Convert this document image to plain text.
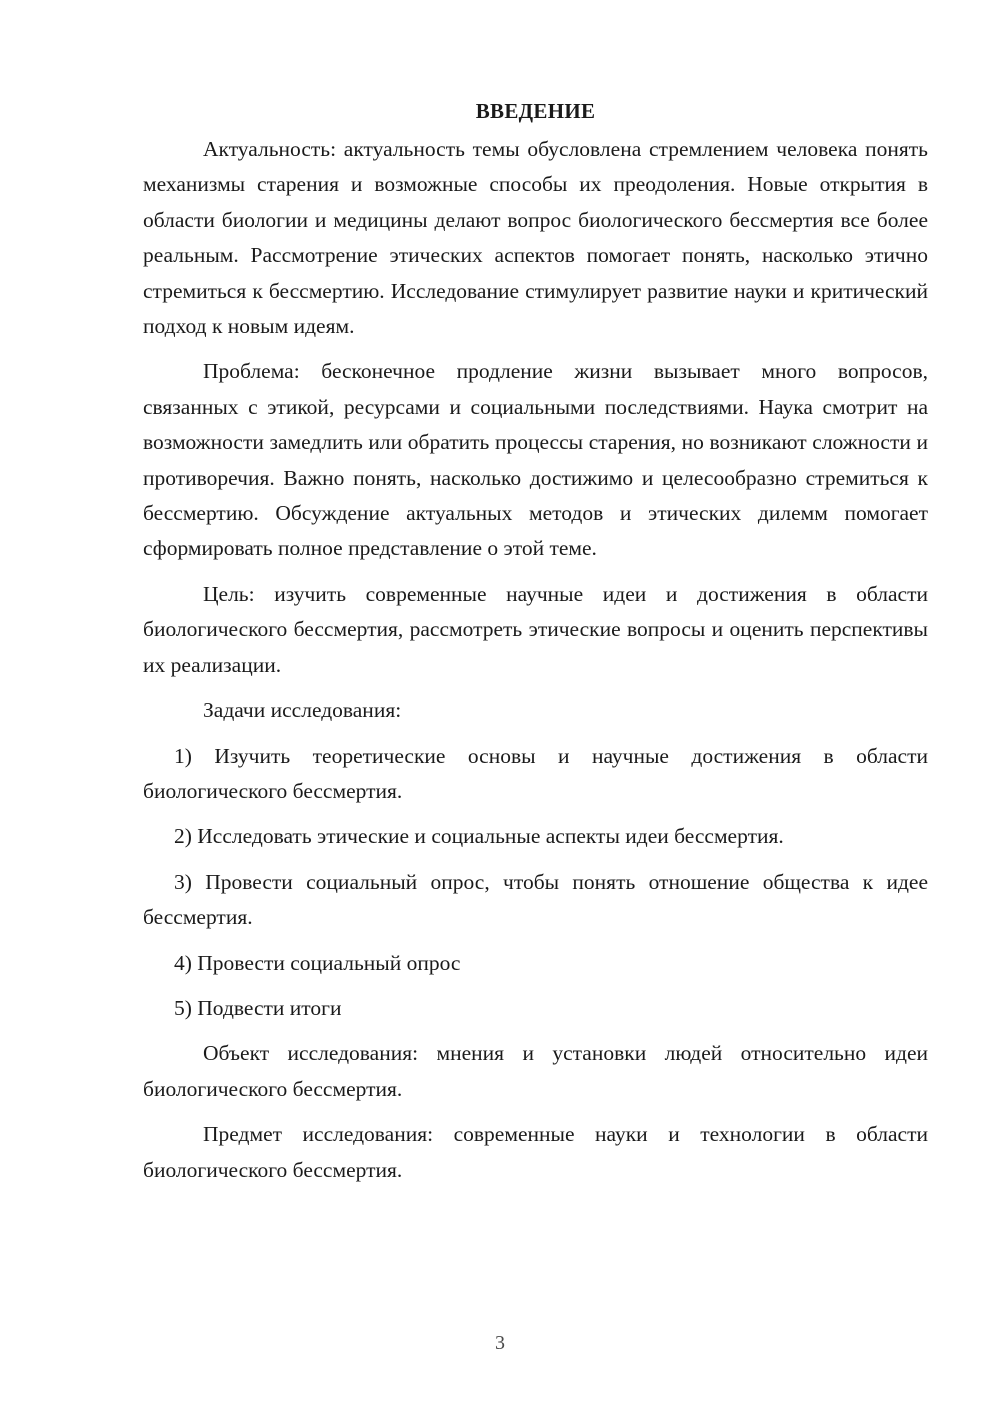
ВВЕДЕНИЕ

Актуальность: актуальность темы обусловлена стремлением человека понять механизмы старения и возможные способы их преодоления. Новые открытия в области биологии и медицины делают вопрос биологического бессмертия все более реальным. Рассмотрение этических аспектов помогает понять, насколько этично стремиться к бессмертию. Исследование стимулирует развитие науки и критический подход к новым идеям.

Проблема: бесконечное продление жизни вызывает много вопросов, связанных с этикой, ресурсами и социальными последствиями. Наука смотрит на возможности замедлить или обратить процессы старения, но возникают сложности и противоречия. Важно понять, насколько достижимо и целесообразно стремиться к бессмертию. Обсуждение актуальных методов и этических дилемм помогает сформировать полное представление о этой теме.

Цель: изучить современные научные идеи и достижения в области биологического бессмертия, рассмотреть этические вопросы и оценить перспективы их реализации.

Задачи исследования:

1) Изучить теоретические основы и научные достижения в области биологического бессмертия.

2) Исследовать этические и социальные аспекты идеи бессмертия.

3) Провести социальный опрос, чтобы понять отношение общества к идее бессмертия.

4) Провести социальный опрос

5) Подвести итоги

Объект исследования: мнения и установки людей относительно идеи биологического бессмертия.

Предмет исследования: современные науки и технологии в области биологического бессмертия.

3
